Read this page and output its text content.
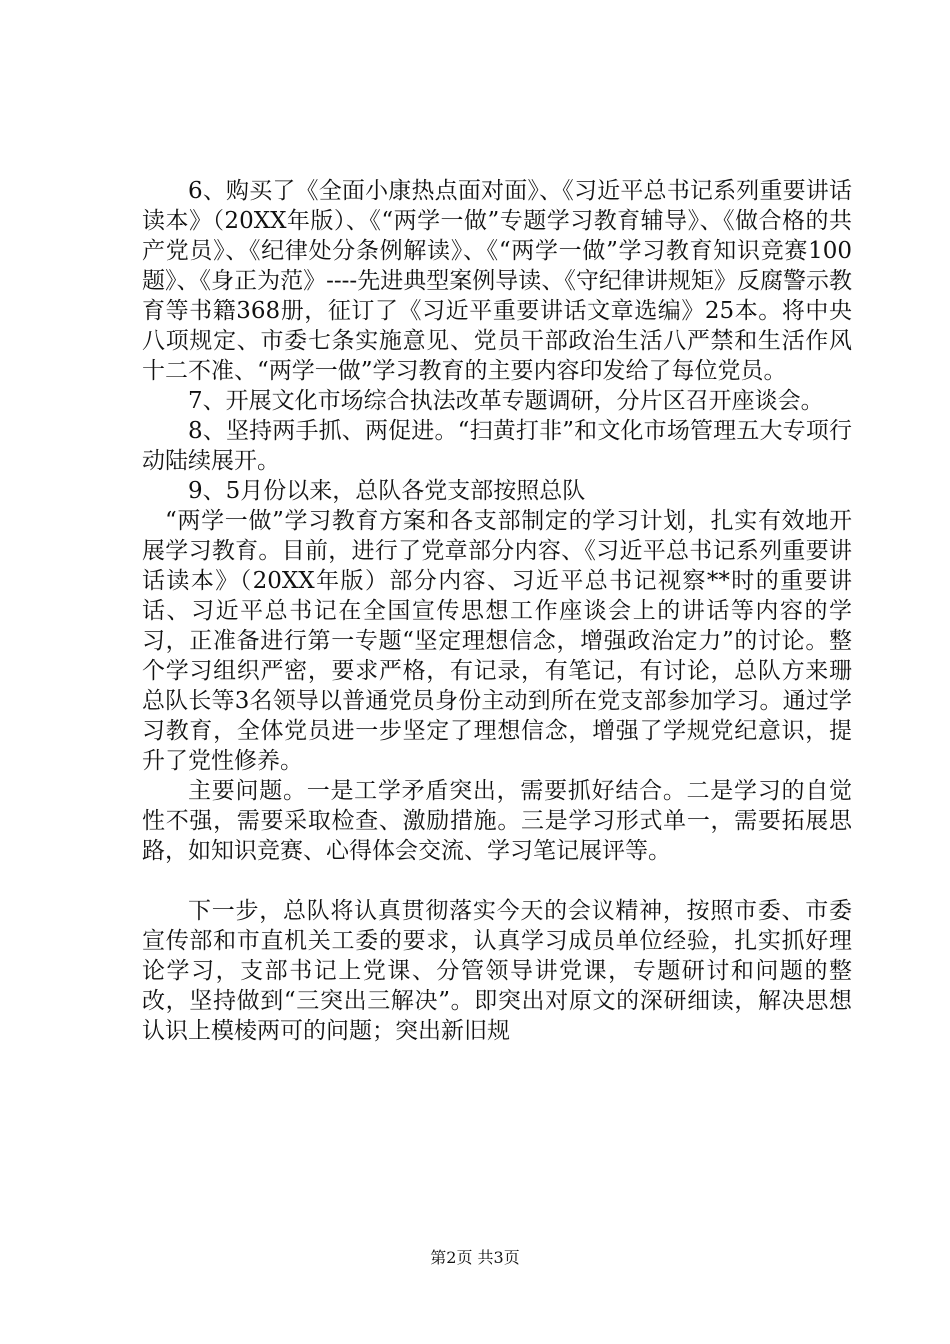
6、购买了《全面小康热点面对面》、《习近平总书记系列重要讲话读本》（20XX年版）、《“两学一做”专题学习教育辅导》、《做合格的共产党员》、《纪律处分条例解读》、《“两学一做”学习教育知识竞赛100题》、《身正为范》----先进典型案例导读、《守纪律讲规矩》反腐警示教育等书籍368册，征订了《习近平重要讲话文章选编》25本。将中央八项规定、市委七条实施意见、党员干部政治生活八严禁和生活作风十二不准、“两学一做”学习教育的主要内容印发给了每位党员。

7、开展文化市场综合执法改革专题调研，分片区召开座谈会。

8、坚持两手抓、两促进。“扫黄打非”和文化市场管理五大专项行动陆续展开。

9、5月份以来，总队各党支部按照总队

“两学一做”学习教育方案和各支部制定的学习计划，扎实有效地开展学习教育。目前，进行了党章部分内容、《习近平总书记系列重要讲话读本》（20XX年版）部分内容、习近平总书记视察**时的重要讲话、习近平总书记在全国宣传思想工作座谈会上的讲话等内容的学习，正准备进行第一专题“坚定理想信念，增强政治定力”的讨论。整个学习组织严密，要求严格，有记录，有笔记，有讨论，总队方来珊总队长等3名领导以普通党员身份主动到所在党支部参加学习。通过学习教育，全体党员进一步坚定了理想信念，增强了学规党纪意识，提升了党性修养。

主要问题。一是工学矛盾突出，需要抓好结合。二是学习的自觉性不强，需要采取检查、激励措施。三是学习形式单一，需要拓展思路，如知识竞赛、心得体会交流、学习笔记展评等。

下一步，总队将认真贯彻落实今天的会议精神，按照市委、市委宣传部和市直机关工委的要求，认真学习成员单位经验，扎实抓好理论学习，支部书记上党课、分管领导讲党课，专题研讨和问题的整改，坚持做到“三突出三解决”。即突出对原文的深研细读，解决思想认识上模棱两可的问题；突出新旧规

第2页 共3页
